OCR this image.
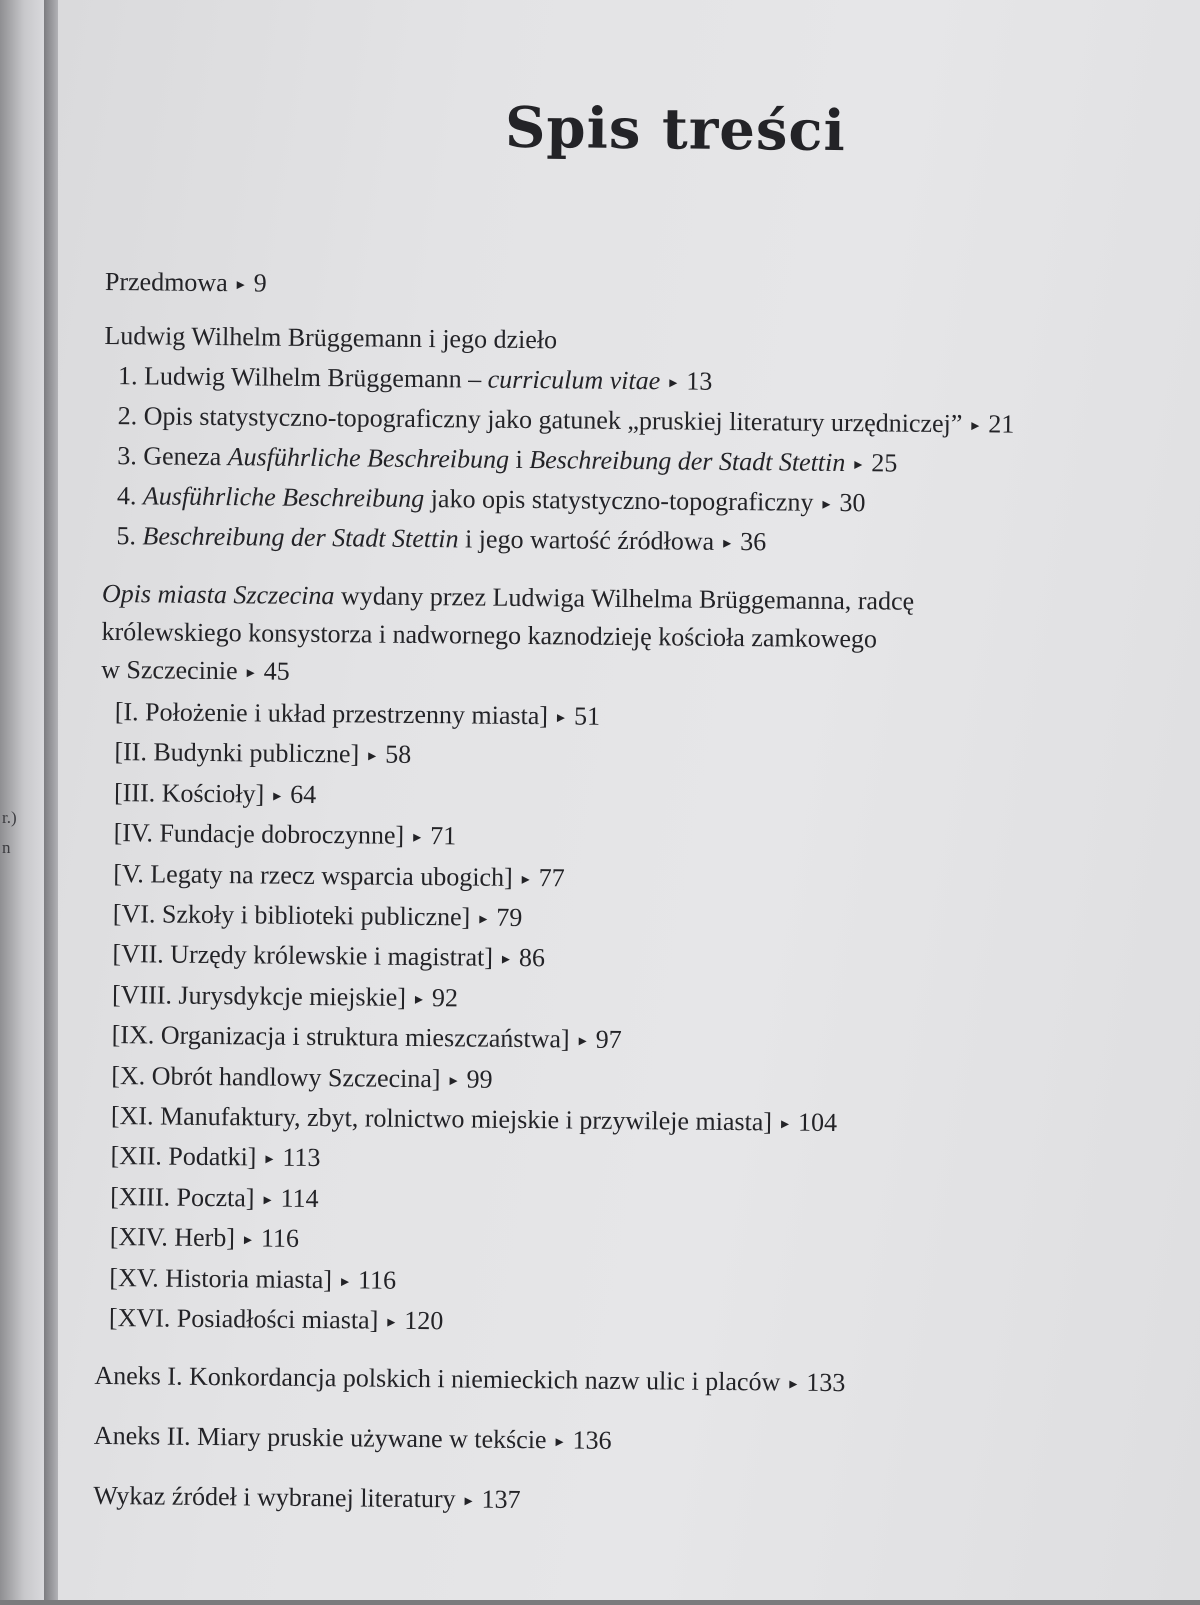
r.)
n
Spis treści
Przedmowa ▸ 9
Ludwig Wilhelm Brüggemann i jego dzieło
1. Ludwig Wilhelm Brüggemann – curriculum vitae ▸ 13
2. Opis statystyczno-topograficzny jako gatunek „pruskiej literatury urzędniczej” ▸ 21
3. Geneza Ausführliche Beschreibung i Beschreibung der Stadt Stettin ▸ 25
4. Ausführliche Beschreibung jako opis statystyczno-topograficzny ▸ 30
5. Beschreibung der Stadt Stettin i jego wartość źródłowa ▸ 36
Opis miasta Szczecina wydany przez Ludwiga Wilhelma Brüggemanna, radcę
królewskiego konsystorza i nadwornego kaznodzieję kościoła zamkowego
w Szczecinie ▸ 45
[I. Położenie i układ przestrzenny miasta] ▸ 51
[II. Budynki publiczne] ▸ 58
[III. Kościoły] ▸ 64
[IV. Fundacje dobroczynne] ▸ 71
[V. Legaty na rzecz wsparcia ubogich] ▸ 77
[VI. Szkoły i biblioteki publiczne] ▸ 79
[VII. Urzędy królewskie i magistrat] ▸ 86
[VIII. Jurysdykcje miejskie] ▸ 92
[IX. Organizacja i struktura mieszczaństwa] ▸ 97
[X. Obrót handlowy Szczecina] ▸ 99
[XI. Manufaktury, zbyt, rolnictwo miejskie i przywileje miasta] ▸ 104
[XII. Podatki] ▸ 113
[XIII. Poczta] ▸ 114
[XIV. Herb] ▸ 116
[XV. Historia miasta] ▸ 116
[XVI. Posiadłości miasta] ▸ 120
Aneks I. Konkordancja polskich i niemieckich nazw ulic i placów ▸ 133
Aneks II. Miary pruskie używane w tekście ▸ 136
Wykaz źródeł i wybranej literatury ▸ 137
